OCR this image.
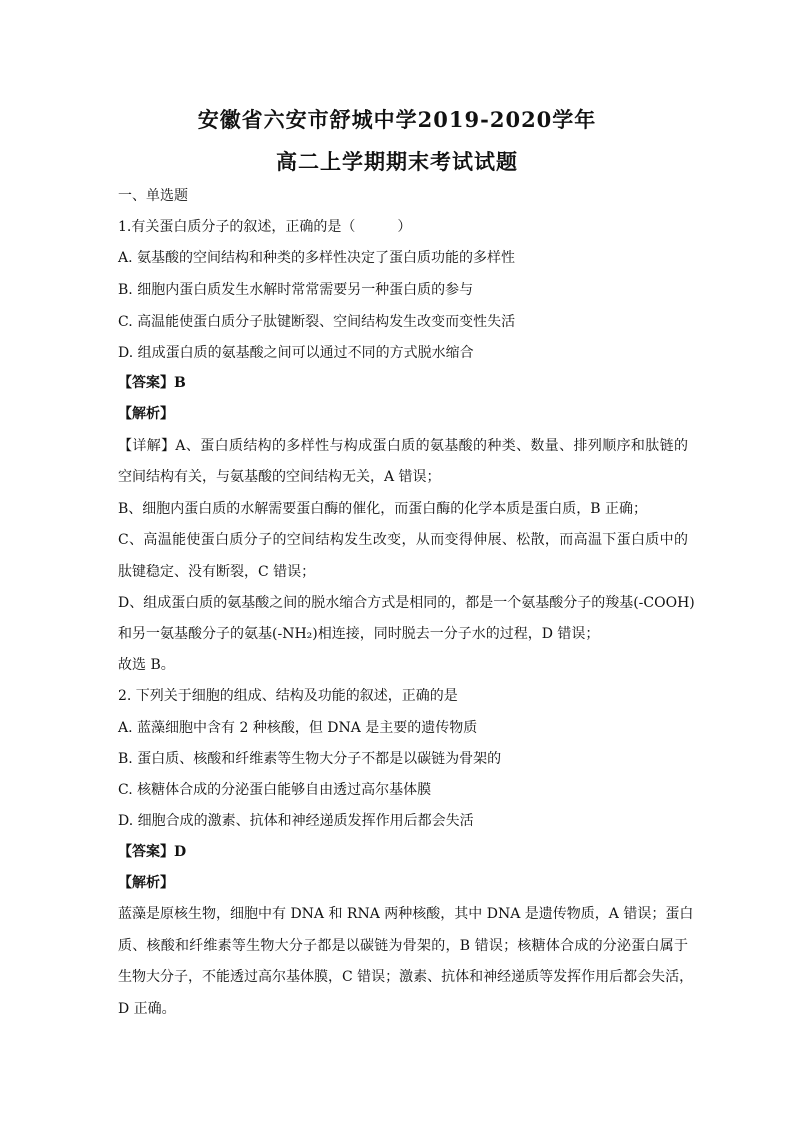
安徽省六安市舒城中学2019-2020学年
高二上学期期末考试试题
一、单选题
1.有关蛋白质分子的叙述，正确的是（　　　）
A. 氨基酸的空间结构和种类的多样性决定了蛋白质功能的多样性
B. 细胞内蛋白质发生水解时常常需要另一种蛋白质的参与
C. 高温能使蛋白质分子肽键断裂、空间结构发生改变而变性失活
D. 组成蛋白质的氨基酸之间可以通过不同的方式脱水缩合
【答案】B
【解析】
【详解】A、蛋白质结构的多样性与构成蛋白质的氨基酸的种类、数量、排列顺序和肽链的
空间结构有关，与氨基酸的空间结构无关，A 错误；
B、细胞内蛋白质的水解需要蛋白酶的催化，而蛋白酶的化学本质是蛋白质，B 正确；
C、高温能使蛋白质分子的空间结构发生改变，从而变得伸展、松散，而高温下蛋白质中的
肽键稳定、没有断裂，C 错误；
D、组成蛋白质的氨基酸之间的脱水缩合方式是相同的，都是一个氨基酸分子的羧基(-COOH)
和另一氨基酸分子的氨基(-NH₂)相连接，同时脱去一分子水的过程，D 错误；
故选 B。
2. 下列关于细胞的组成、结构及功能的叙述，正确的是
A. 蓝藻细胞中含有 2 种核酸，但 DNA 是主要的遗传物质
B. 蛋白质、核酸和纤维素等生物大分子不都是以碳链为骨架的
C. 核糖体合成的分泌蛋白能够自由透过高尔基体膜
D. 细胞合成的激素、抗体和神经递质发挥作用后都会失活
【答案】D
【解析】
蓝藻是原核生物，细胞中有 DNA 和 RNA 两种核酸，其中 DNA 是遗传物质，A 错误；蛋白
质、核酸和纤维素等生物大分子都是以碳链为骨架的，B 错误；核糖体合成的分泌蛋白属于
生物大分子，不能透过高尔基体膜，C 错误；激素、抗体和神经递质等发挥作用后都会失活，
D 正确。
